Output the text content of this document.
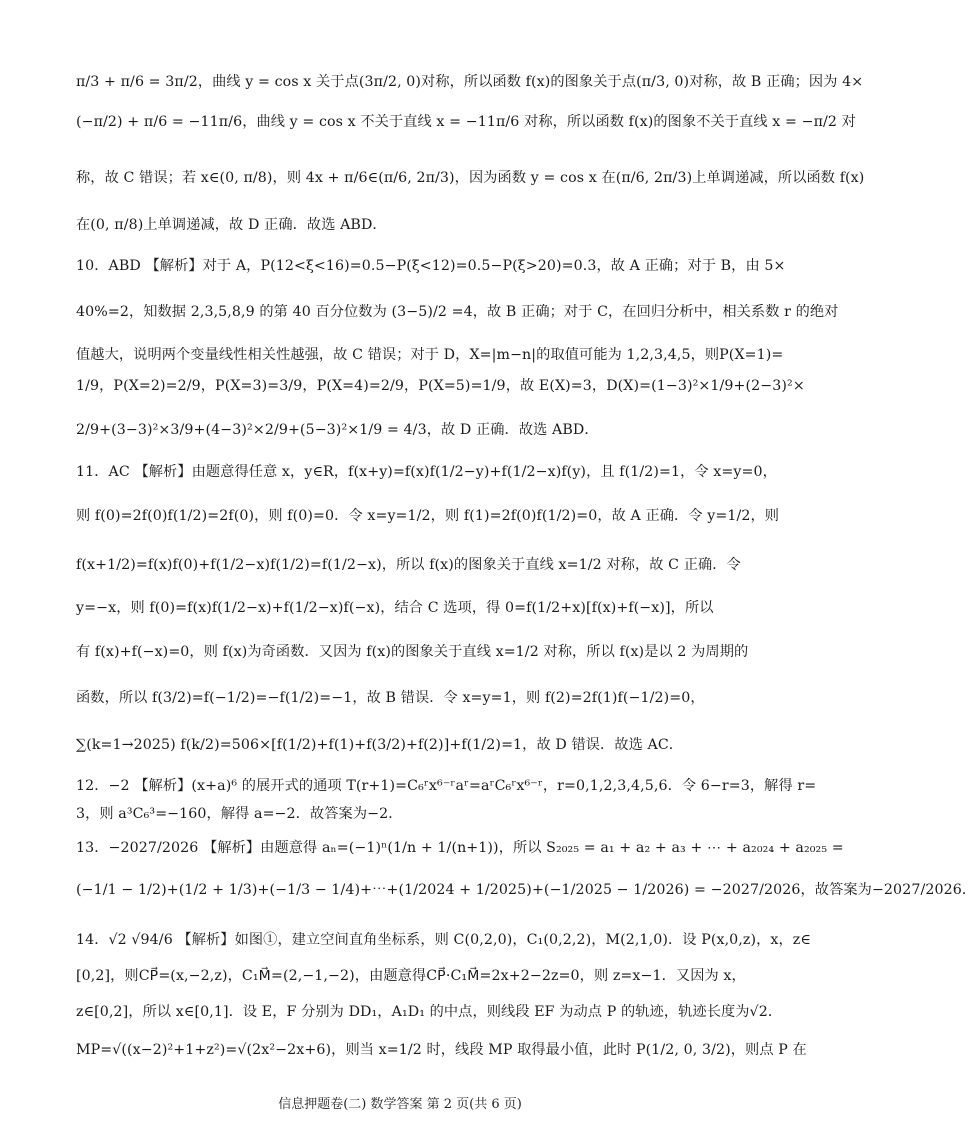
π/3 + π/6 = 3π/2，曲线 y = cos x 关于点(3π/2, 0)对称，所以函数 f(x)的图象关于点(π/3, 0)对称，故 B 正确；因为 4×
(−π/2) + π/6 = −11π/6，曲线 y = cos x 不关于直线 x = −11π/6 对称，所以函数 f(x)的图象不关于直线 x = −π/2 对
称，故 C 错误；若 x∈(0, π/8)，则 4x + π/6∈(π/6, 2π/3)，因为函数 y = cos x 在(π/6, 2π/3)上单调递减，所以函数 f(x)
在(0, π/8)上单调递减，故 D 正确．故选 ABD．
10．ABD 【解析】对于 A，P(12<ξ<16)=0.5−P(ξ<12)=0.5−P(ξ>20)=0.3，故 A 正确；对于 B，由 5×
40%=2，知数据 2,3,5,8,9 的第 40 百分位数为 (3−5)/2 =4，故 B 正确；对于 C，在回归分析中，相关系数 r 的绝对
值越大，说明两个变量线性相关性越强，故 C 错误；对于 D，X=|m−n|的取值可能为 1,2,3,4,5，则P(X=1)=
1/9，P(X=2)=2/9，P(X=3)=3/9，P(X=4)=2/9，P(X=5)=1/9，故 E(X)=3，D(X)=(1−3)²×1/9+(2−3)²×
2/9+(3−3)²×3/9+(4−3)²×2/9+(5−3)²×1/9 = 4/3，故 D 正确．故选 ABD．
11．AC 【解析】由题意得任意 x，y∈R，f(x+y)=f(x)f(1/2−y)+f(1/2−x)f(y)，且 f(1/2)=1，令 x=y=0，
则 f(0)=2f(0)f(1/2)=2f(0)，则 f(0)=0．令 x=y=1/2，则 f(1)=2f(0)f(1/2)=0，故 A 正确．令 y=1/2，则
f(x+1/2)=f(x)f(0)+f(1/2−x)f(1/2)=f(1/2−x)，所以 f(x)的图象关于直线 x=1/2 对称，故 C 正确．令
y=−x，则 f(0)=f(x)f(1/2−x)+f(1/2−x)f(−x)，结合 C 选项，得 0=f(1/2+x)[f(x)+f(−x)]，所以
有 f(x)+f(−x)=0，则 f(x)为奇函数．又因为 f(x)的图象关于直线 x=1/2 对称，所以 f(x)是以 2 为周期的
函数，所以 f(3/2)=f(−1/2)=−f(1/2)=−1，故 B 错误．令 x=y=1，则 f(2)=2f(1)f(−1/2)=0，
∑(k=1→2025) f(k/2)=506×[f(1/2)+f(1)+f(3/2)+f(2)]+f(1/2)=1，故 D 错误．故选 AC．
12．−2 【解析】(x+a)⁶ 的展开式的通项 T(r+1)=C₆ʳx⁶⁻ʳaʳ=aʳC₆ʳx⁶⁻ʳ，r=0,1,2,3,4,5,6．令 6−r=3，解得 r=
3，则 a³C₆³=−160，解得 a=−2．故答案为−2．
13．−2027/2026 【解析】由题意得 aₙ=(−1)ⁿ(1/n + 1/(n+1))，所以 S₂₀₂₅ = a₁ + a₂ + a₃ + ⋯ + a₂₀₂₄ + a₂₀₂₅ =
(−1/1 − 1/2)+(1/2 + 1/3)+(−1/3 − 1/4)+⋯+(1/2024 + 1/2025)+(−1/2025 − 1/2026) = −2027/2026，故答案为−2027/2026．
14．√2 √94/6 【解析】如图①，建立空间直角坐标系，则 C(0,2,0)，C₁(0,2,2)，M(2,1,0)．设 P(x,0,z)，x，z∈
[0,2]，则CP⃗=(x,−2,z)，C₁M⃗=(2,−1,−2)，由题意得CP⃗·C₁M⃗=2x+2−2z=0，则 z=x−1．又因为 x，
z∈[0,2]，所以 x∈[0,1]．设 E，F 分别为 DD₁，A₁D₁ 的中点，则线段 EF 为动点 P 的轨迹，轨迹长度为√2．
MP=√((x−2)²+1+z²)=√(2x²−2x+6)，则当 x=1/2 时，线段 MP 取得最小值，此时 P(1/2, 0, 3/2)，则点 P 在
信息押题卷(二) 数学答案 第 2 页(共 6 页)
